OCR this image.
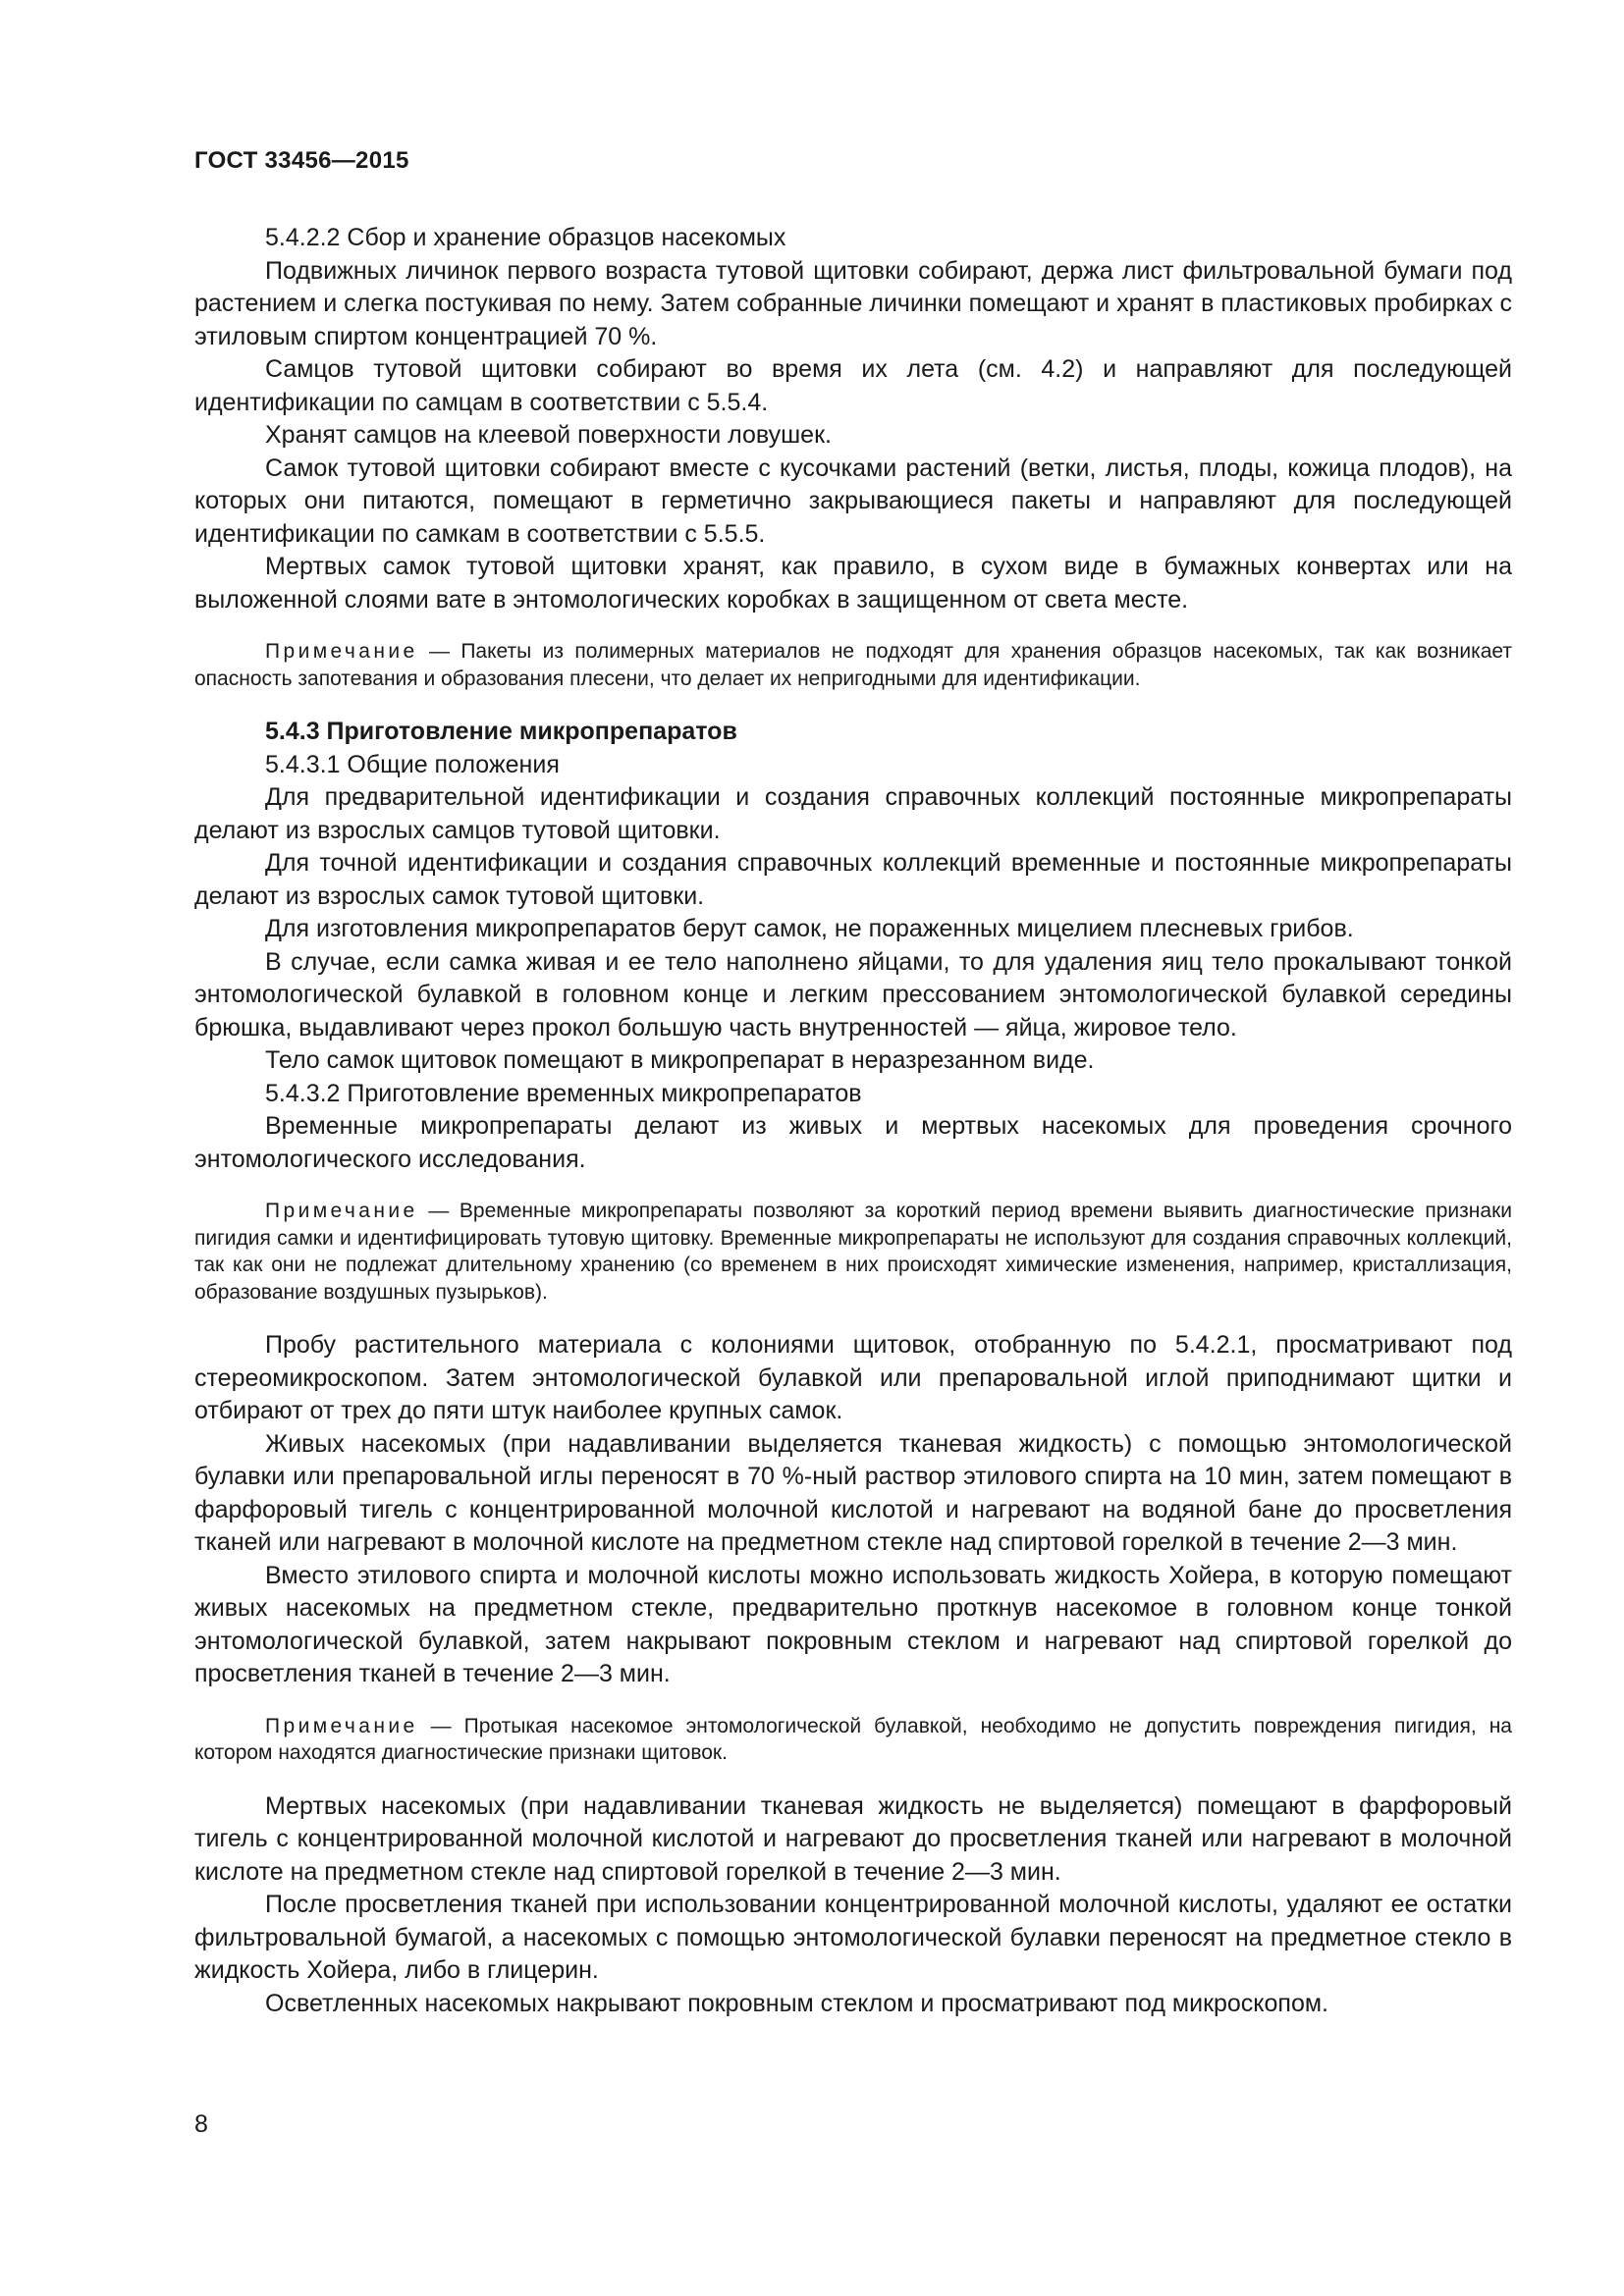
ГОСТ 33456—2015

5.4.2.2 Сбор и хранение образцов насекомых

Подвижных личинок первого возраста тутовой щитовки собирают, держа лист фильтровальной бумаги под растением и слегка постукивая по нему. Затем собранные личинки помещают и хранят в пластиковых пробирках с этиловым спиртом концентрацией 70 %.

Самцов тутовой щитовки собирают во время их лета (см. 4.2) и направляют для последующей идентификации по самцам в соответствии с 5.5.4.

Хранят самцов на клеевой поверхности ловушек.

Самок тутовой щитовки собирают вместе с кусочками растений (ветки, листья, плоды, кожица плодов), на которых они питаются, помещают в герметично закрывающиеся пакеты и направляют для последующей идентификации по самкам в соответствии с 5.5.5.

Мертвых самок тутовой щитовки хранят, как правило, в сухом виде в бумажных конвертах или на выложенной слоями вате в энтомологических коробках в защищенном от света месте.

Примечание — Пакеты из полимерных материалов не подходят для хранения образцов насекомых, так как возникает опасность запотевания и образования плесени, что делает их непригодными для идентификации.

5.4.3 Приготовление микропрепаратов

5.4.3.1 Общие положения

Для предварительной идентификации и создания справочных коллекций постоянные микропрепараты делают из взрослых самцов тутовой щитовки.

Для точной идентификации и создания справочных коллекций временные и постоянные микропрепараты делают из взрослых самок тутовой щитовки.

Для изготовления микропрепаратов берут самок, не пораженных мицелием плесневых грибов.

В случае, если самка живая и ее тело наполнено яйцами, то для удаления яиц тело прокалывают тонкой энтомологической булавкой в головном конце и легким прессованием энтомологической булавкой середины брюшка, выдавливают через прокол большую часть внутренностей — яйца, жировое тело.

Тело самок щитовок помещают в микропрепарат в неразрезанном виде.

5.4.3.2 Приготовление временных микропрепаратов

Временные микропрепараты делают из живых и мертвых насекомых для проведения срочного энтомологического исследования.

Примечание — Временные микропрепараты позволяют за короткий период времени выявить диагностические признаки пигидия самки и идентифицировать тутовую щитовку. Временные микропрепараты не используют для создания справочных коллекций, так как они не подлежат длительному хранению (со временем в них происходят химические изменения, например, кристаллизация, образование воздушных пузырьков).

Пробу растительного материала с колониями щитовок, отобранную по 5.4.2.1, просматривают под стереомикроскопом. Затем энтомологической булавкой или препаровальной иглой приподнимают щитки и отбирают от трех до пяти штук наиболее крупных самок.

Живых насекомых (при надавливании выделяется тканевая жидкость) с помощью энтомологической булавки или препаровальной иглы переносят в 70 %-ный раствор этилового спирта на 10 мин, затем помещают в фарфоровый тигель с концентрированной молочной кислотой и нагревают на водяной бане до просветления тканей или нагревают в молочной кислоте на предметном стекле над спиртовой горелкой в течение 2—3 мин.

Вместо этилового спирта и молочной кислоты можно использовать жидкость Хойера, в которую помещают живых насекомых на предметном стекле, предварительно проткнув насекомое в головном конце тонкой энтомологической булавкой, затем накрывают покровным стеклом и нагревают над спиртовой горелкой до просветления тканей в течение 2—3 мин.

Примечание — Протыкая насекомое энтомологической булавкой, необходимо не допустить повреждения пигидия, на котором находятся диагностические признаки щитовок.

Мертвых насекомых (при надавливании тканевая жидкость не выделяется) помещают в фарфоровый тигель с концентрированной молочной кислотой и нагревают до просветления тканей или нагревают в молочной кислоте на предметном стекле над спиртовой горелкой в течение 2—3 мин.

После просветления тканей при использовании концентрированной молочной кислоты, удаляют ее остатки фильтровальной бумагой, а насекомых с помощью энтомологической булавки переносят на предметное стекло в жидкость Хойера, либо в глицерин.

Осветленных насекомых накрывают покровным стеклом и просматривают под микроскопом.

8
